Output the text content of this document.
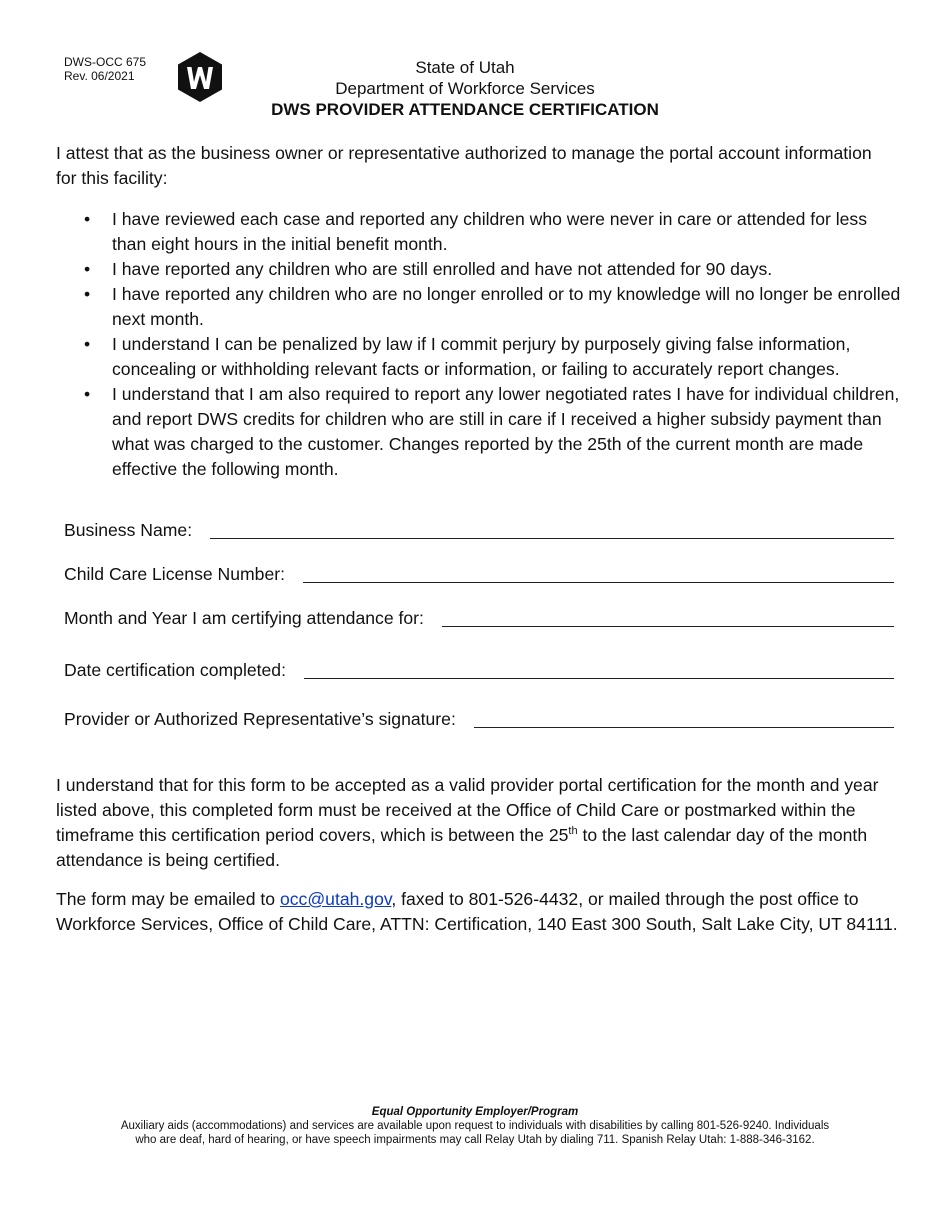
DWS-OCC 675
Rev. 06/2021	State of Utah
Department of Workforce Services
DWS PROVIDER ATTENDANCE CERTIFICATION

I attest that as the business owner or representative authorized to manage the portal account information for this facility:

• I have reviewed each case and reported any children who were never in care or attended for less than eight hours in the initial benefit month.
• I have reported any children who are still enrolled and have not attended for 90 days.
• I have reported any children who are no longer enrolled or to my knowledge will no longer be enrolled next month.
• I understand I can be penalized by law if I commit perjury by purposely giving false information, concealing or withholding relevant facts or information, or failing to accurately report changes.
• I understand that I am also required to report any lower negotiated rates I have for individual children, and report DWS credits for children who are still in care if I received a higher subsidy payment than what was charged to the customer. Changes reported by the 25th of the current month are made effective the following month.
Business Name:
Child Care License Number:
Month and Year I am certifying attendance for:
Date certification completed:
Provider or Authorized Representative’s signature:

I understand that for this form to be accepted as a valid provider portal certification for the month and year listed above, this completed form must be received at the Office of Child Care or postmarked within the timeframe this certification period covers, which is between the 25th to the last calendar day of the month attendance is being certified.

The form may be emailed to occ@utah.gov, faxed to 801-526-4432, or mailed through the post office to Workforce Services, Office of Child Care, ATTN: Certification, 140 East 300 South, Salt Lake City, UT 84111.

Equal Opportunity Employer/Program
Auxiliary aids (accommodations) and services are available upon request to individuals with disabilities by calling 801-526-9240. Individuals
who are deaf, hard of hearing, or have speech impairments may call Relay Utah by dialing 711. Spanish Relay Utah: 1-888-346-3162.
